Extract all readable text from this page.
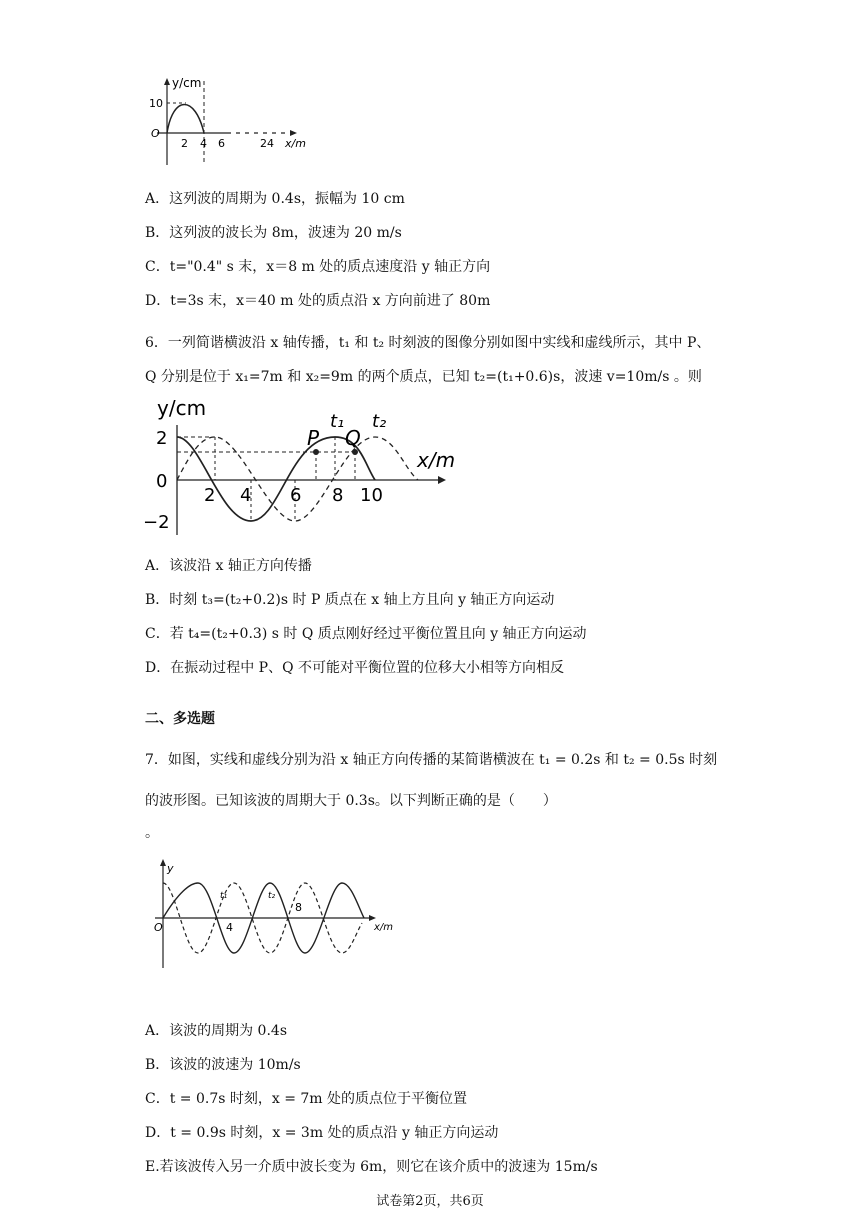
y/cm
10
O
2 4 6	24 x/m
A．这列波的周期为 0.4s，振幅为 10 cm
B．这列波的波长为 8m，波速为 20 m/s
C．t="0.4" s 末，x＝8 m 处的质点速度沿 y 轴正方向
D．t=3s 末，x＝40 m 处的质点沿 x 方向前进了 80m
6．一列简谐横波沿 x 轴传播，t₁ 和 t₂ 时刻波的图像分别如图中实线和虚线所示，其中 P、
Q 分别是位于 x₁=7m 和 x₂=9m 的两个质点，已知 t₂=(t₁+0.6)s，波速 v=10m/s 。则
y/cm
2
0
−2
2 4 6 8 10
x/m
P
t₁
Q
t₂
A．该波沿 x 轴正方向传播
B．时刻 t₃=(t₂+0.2)s 时 P 质点在 x 轴上方且向 y 轴正方向运动
C．若 t₄=(t₂+0.3) s 时 Q 质点刚好经过平衡位置且向 y 轴正方向运动
D．在振动过程中 P、Q 不可能对平衡位置的位移大小相等方向相反
二、多选题
7．如图，实线和虚线分别为沿 x 轴正方向传播的某简谐横波在 t₁ = 0.2s 和 t₂ = 0.5s 时刻
的波形图。已知该波的周期大于 0.3s。以下判断正确的是（　　）
。
y
O	4
8
x/m
t₁	t₂
A．该波的周期为 0.4s
B．该波的波速为 10m/s
C．t = 0.7s 时刻，x = 7m 处的质点位于平衡位置
D．t = 0.9s 时刻，x = 3m 处的质点沿 y 轴正方向运动
E.若该波传入另一介质中波长变为 6m，则它在该介质中的波速为 15m/s
试卷第2页，共6页
